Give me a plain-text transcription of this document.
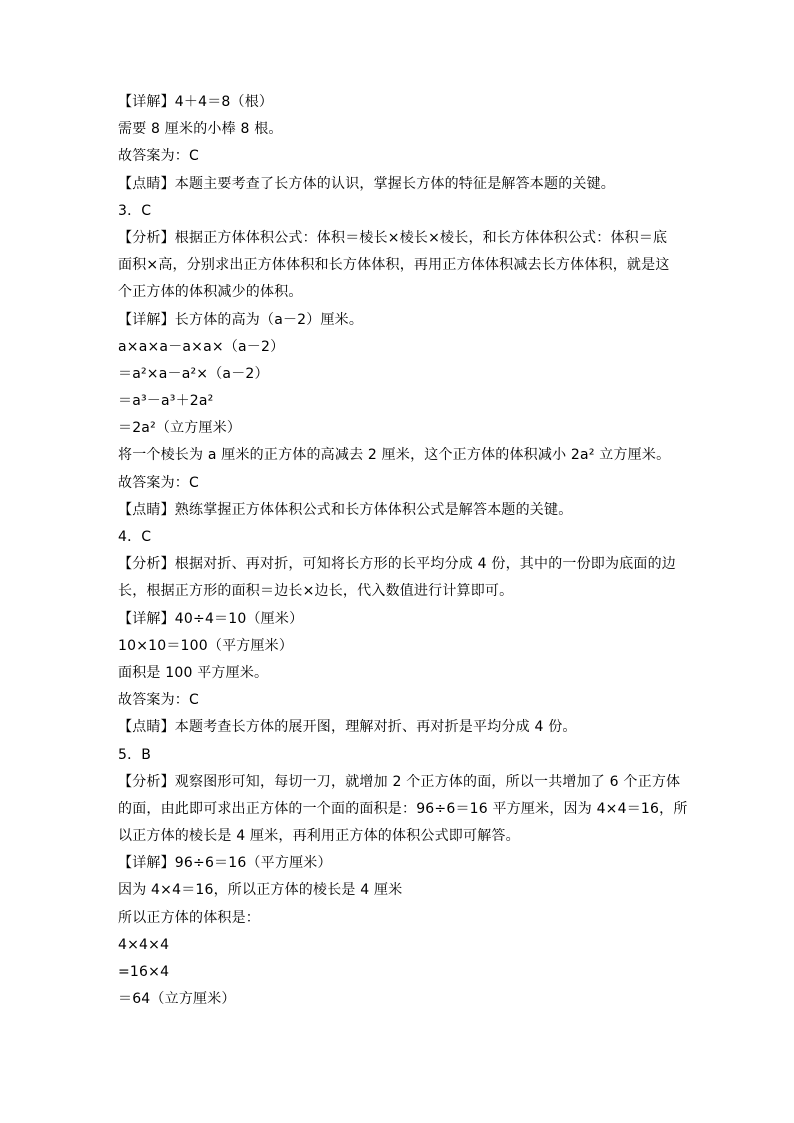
【详解】4＋4＝8（根）
需要 8 厘米的小棒 8 根。
故答案为：C
【点睛】本题主要考查了长方体的认识，掌握长方体的特征是解答本题的关键。
3．C
【分析】根据正方体体积公式：体积＝棱长×棱长×棱长，和长方体体积公式：体积＝底
面积×高，分别求出正方体体积和长方体体积，再用正方体体积减去长方体体积，就是这
个正方体的体积减少的体积。
【详解】长方体的高为（a－2）厘米。
a×a×a－a×a×（a－2）
＝a²×a－a²×（a－2）
＝a³－a³＋2a²
＝2a²（立方厘米）
将一个棱长为 a 厘米的正方体的高减去 2 厘米，这个正方体的体积减小 2a² 立方厘米。
故答案为：C
【点睛】熟练掌握正方体体积公式和长方体体积公式是解答本题的关键。
4．C
【分析】根据对折、再对折，可知将长方形的长平均分成 4 份，其中的一份即为底面的边
长，根据正方形的面积＝边长×边长，代入数值进行计算即可。
【详解】40÷4＝10（厘米）
10×10＝100（平方厘米）
面积是 100 平方厘米。
故答案为：C
【点睛】本题考查长方体的展开图，理解对折、再对折是平均分成 4 份。
5．B
【分析】观察图形可知，每切一刀，就增加 2 个正方体的面，所以一共增加了 6 个正方体
的面，由此即可求出正方体的一个面的面积是：96÷6＝16 平方厘米，因为 4×4＝16，所
以正方体的棱长是 4 厘米，再利用正方体的体积公式即可解答。
【详解】96÷6＝16（平方厘米）
因为 4×4＝16，所以正方体的棱长是 4 厘米
所以正方体的体积是：
4×4×4
=16×4
＝64（立方厘米）
